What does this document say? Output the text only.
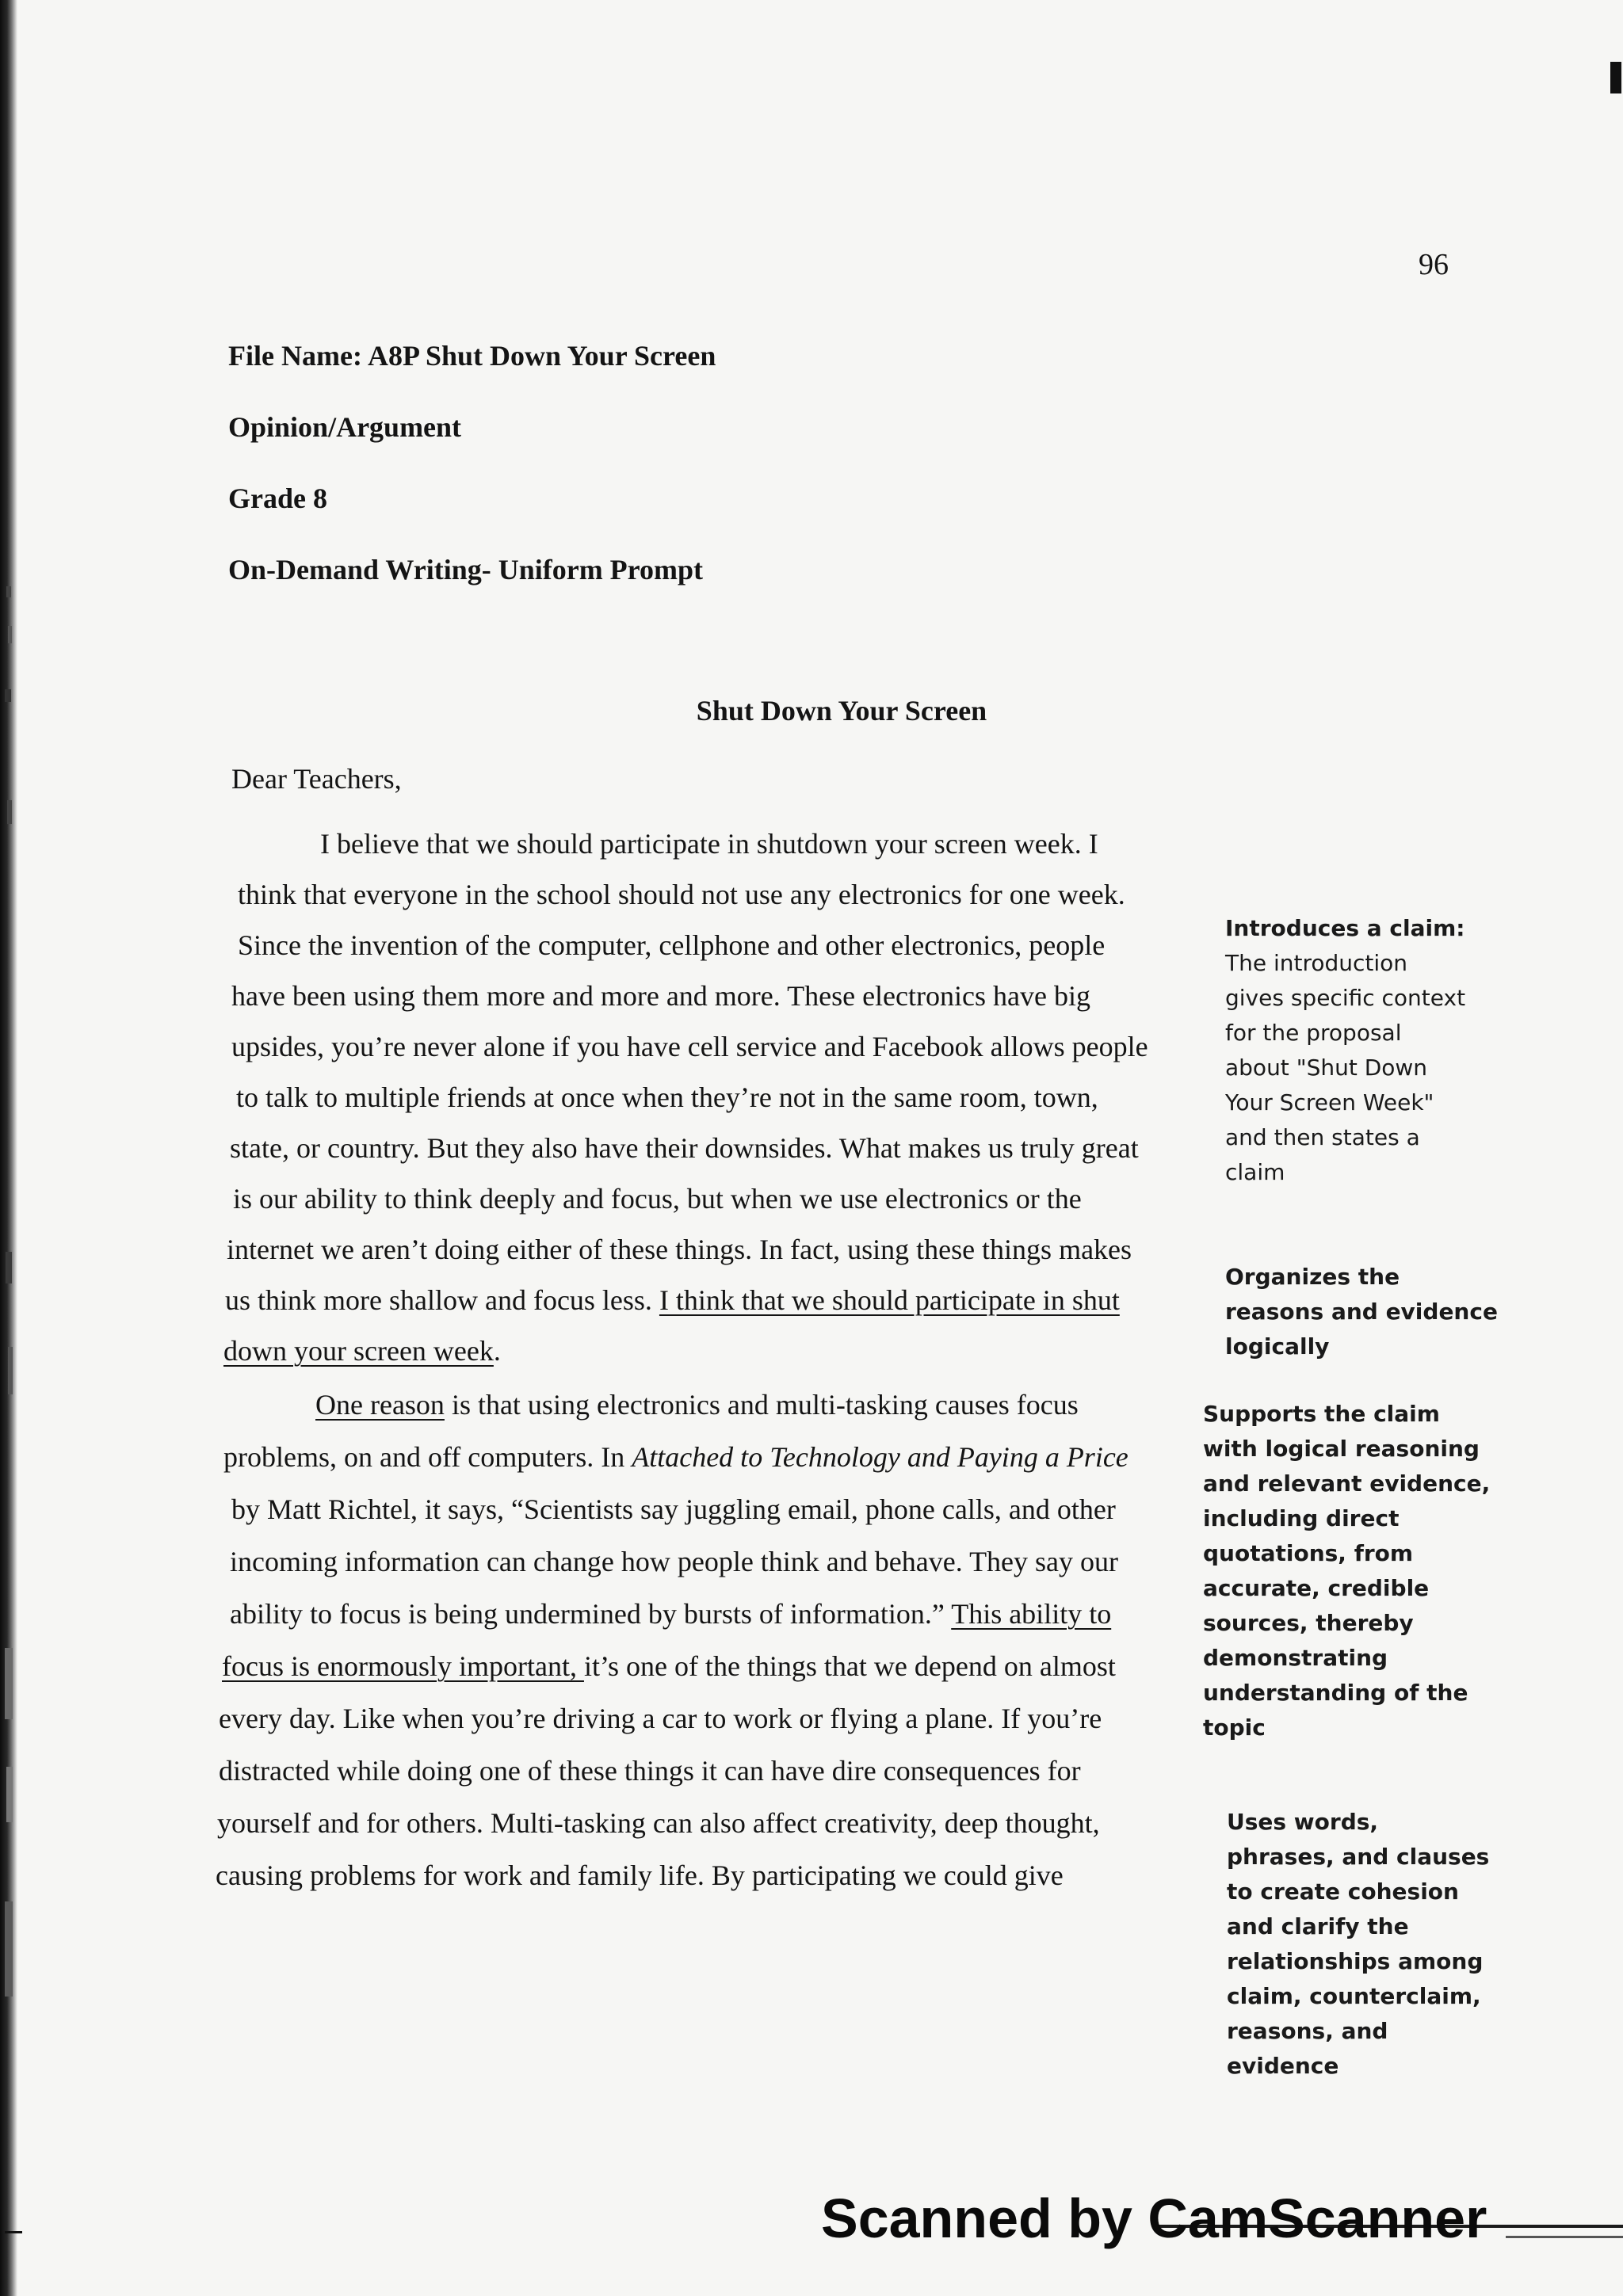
96
File Name: A8P Shut Down Your Screen
Opinion/Argument
Grade 8
On-Demand Writing- Uniform Prompt
Shut Down Your Screen
Dear Teachers,
I believe that we should participate in shutdown your screen week. I
think that everyone in the school should not use any electronics for one week.
Since the invention of the computer, cellphone and other electronics, people
have been using them more and more and more. These electronics have big
upsides, you’re never alone if you have cell service and Facebook allows people
to talk to multiple friends at once when they’re not in the same room, town,
state, or country. But they also have their downsides. What makes us truly great
is our ability to think deeply and focus, but when we use electronics or the
internet we aren’t doing either of these things. In fact, using these things makes
us think more shallow and focus less. I think that we should participate in shut
down your screen week.
One reason is that using electronics and multi-tasking causes focus
problems, on and off computers. In Attached to Technology and Paying a Price
by Matt Richtel, it says, “Scientists say juggling email, phone calls, and other
incoming information can change how people think and behave. They say our
ability to focus is being undermined by bursts of information.” This ability to
focus is enormously important, it’s one of the things that we depend on almost
every day. Like when you’re driving a car to work or flying a plane. If you’re
distracted while doing one of these things it can have dire consequences for
yourself and for others. Multi-tasking can also affect creativity, deep thought,
causing problems for work and family life. By participating we could give
Introduces a claim:
The introduction
gives specific context
for the proposal
about "Shut Down
Your Screen Week"
and then states a
claim
Organizes the
reasons and evidence
logically
Supports the claim
with logical reasoning
and relevant evidence,
including direct
quotations, from
accurate, credible
sources, thereby
demonstrating
understanding of the
topic
Uses words,
phrases, and clauses
to create cohesion
and clarify the
relationships among
claim, counterclaim,
reasons, and
evidence
Scanned by CamScanner
